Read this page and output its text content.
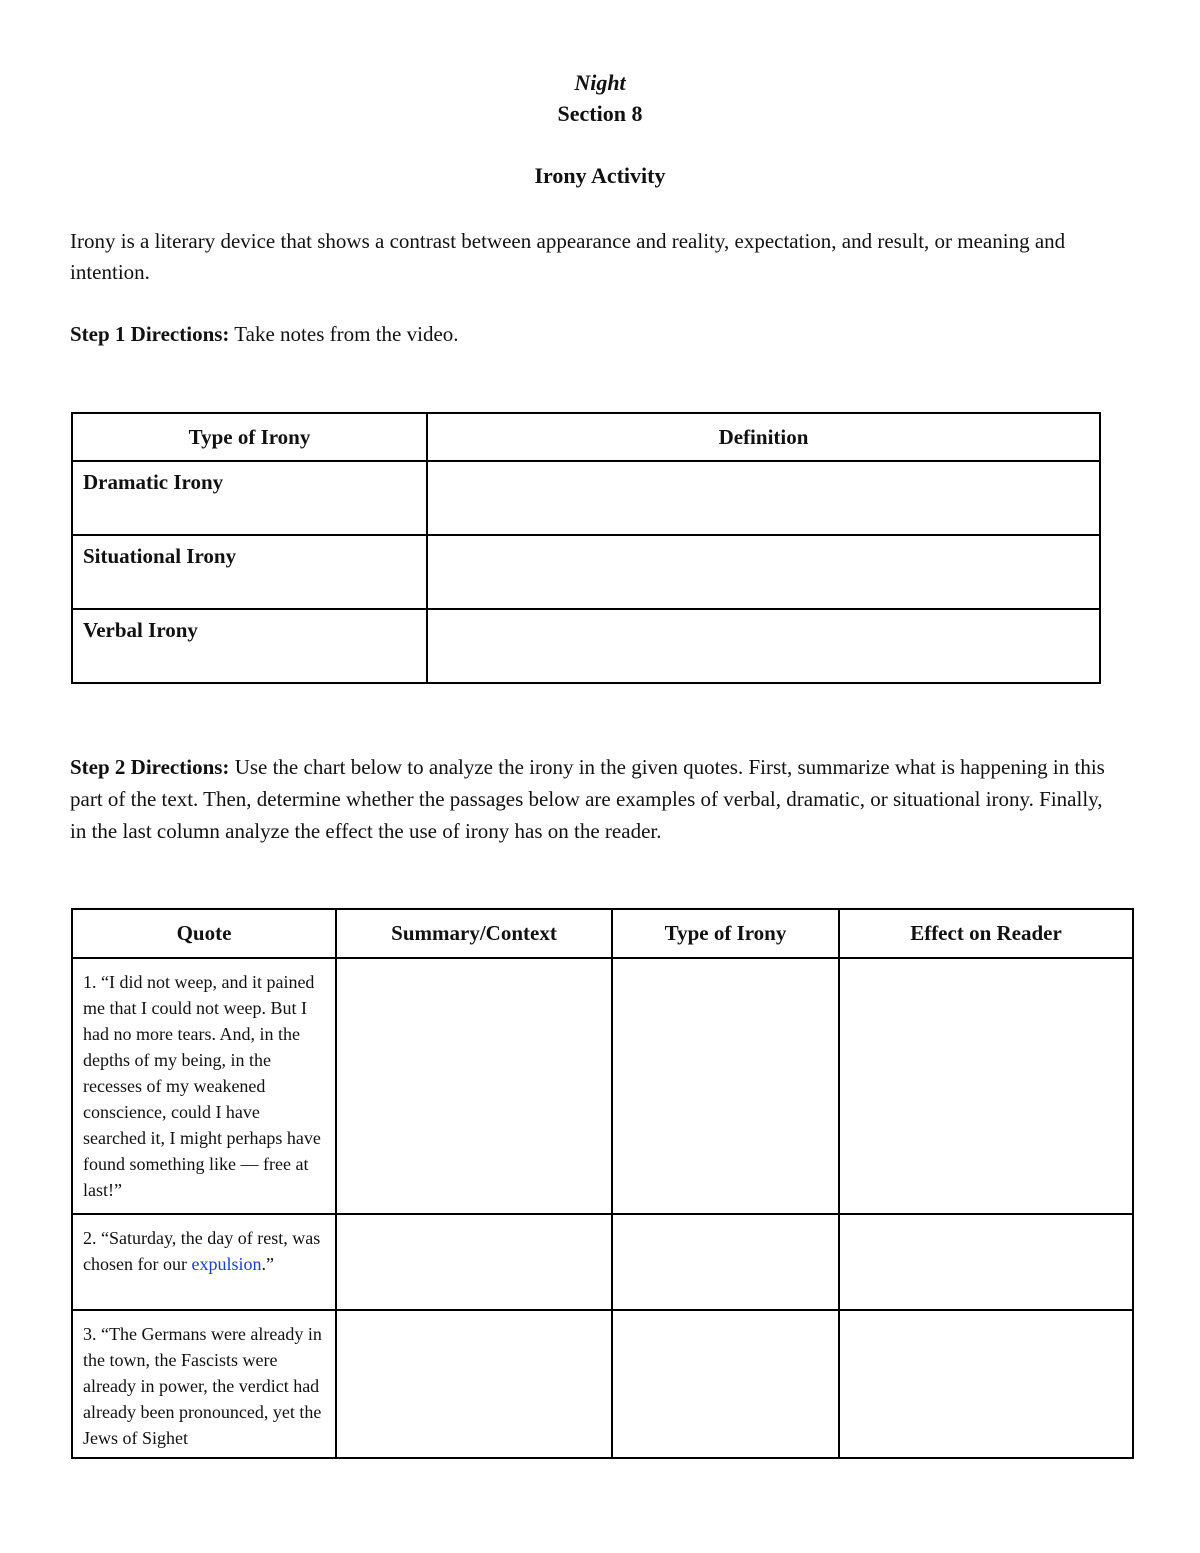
Night
Section 8
Irony Activity
Irony is a literary device that shows a contrast between appearance and reality, expectation, and result, or meaning and intention.
Step 1 Directions: Take notes from the video.
Type of Irony	Definition
Dramatic Irony	
Situational Irony	
Verbal Irony	
Step 2 Directions: Use the chart below to analyze the irony in the given quotes. First, summarize what is happening in this part of the text. Then, determine whether the passages below are examples of verbal, dramatic, or situational irony. Finally, in the last column analyze the effect the use of irony has on the reader.
Quote	Summary/Context	Type of Irony	Effect on Reader
1. “I did not weep, and it pained me that I could not weep. But I had no more tears. And, in the depths of my being, in the recesses of my weakened conscience, could I have searched it, I might perhaps have found something like — free at last!”			
2. “Saturday, the day of rest, was chosen for our expulsion.”			
3. “The Germans were already in the town, the Fascists were already in power, the verdict had already been pronounced, yet the Jews of Sighet			
